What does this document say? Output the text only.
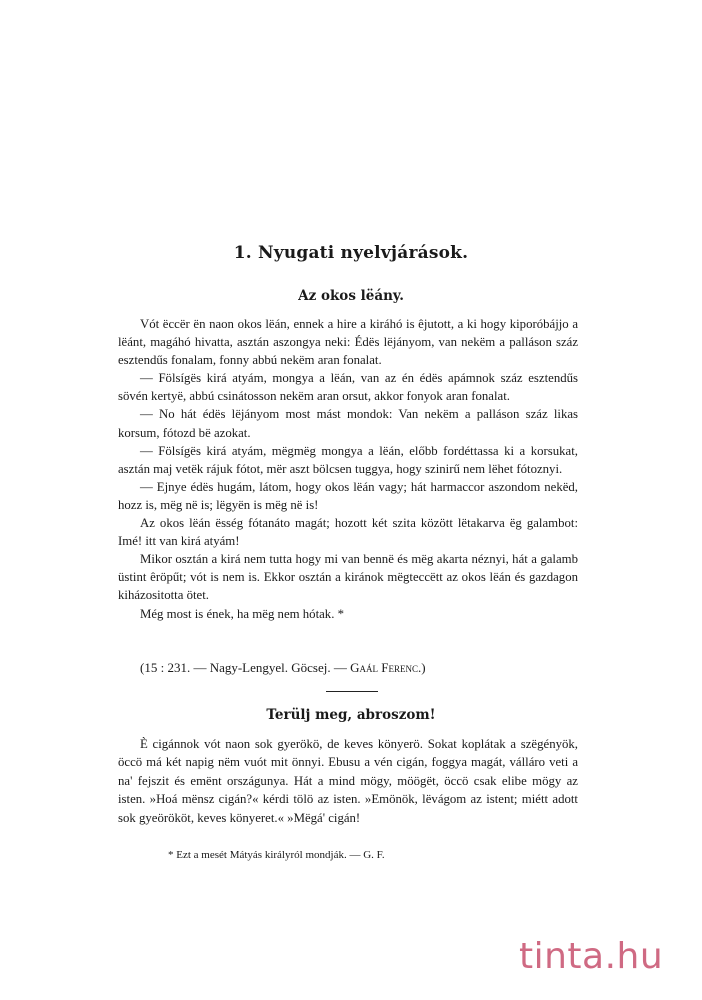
1. Nyugati nyelvjárások.
Az okos lëány.

Vót ëccër ën naon okos lëán, ennek a hire a kiráhó is êjutott, a ki hogy kiporóbájjo a lëánt, magáhó hivatta, asztán aszongya neki: Édës lëjányom, van nekëm a palláson száz esztendűs fonalam, fonny abbú nekëm aran fonalat.

— Fölsígës kirá atyám, mongya a lëán, van az én édës apámnok száz esztendűs sövén kertyë, abbú csinátosson nekëm aran orsut, akkor fonyok aran fonalat.

— No hát édës lëjányom most mást mondok: Van nekëm a palláson száz likas korsum, fótozd bë azokat.

— Fölsígës kirá atyám, mëgmëg mongya a lëán, előbb fordéttassa ki a korsukat, asztán maj vetëk rájuk fótot, mër aszt bölcsen tuggya, hogy szinirű nem lëhet fótoznyi.

— Ejnye édës hugám, látom, hogy okos lëán vagy; hát harmaccor aszondom nekëd, hozz is, mëg në is; lëgyën is mëg në is!

Az okos lëán ësség fótanáto magát; hozott két szita között lëtakarva ëg galambot: Imé! itt van kirá atyám!

Mikor osztán a kirá nem tutta hogy mi van bennë és mëg akarta néznyi, hát a galamb üstint êröpűt; vót is nem is. Ekkor osztán a kiránok mëgteccëtt az okos lëán és gazdagon kiházositotta ötet.

Még most is ének, ha mëg nem hótak. *

(15 : 231. — Nagy-Lengyel. Göcsej. — Gaál Ferenc.)
Terülj meg, abroszom!

È cigánnok vót naon sok gyerökö, de keves könyerö. Sokat koplátak a szëgényök, öccö má két napig nëm vuót mit önnyi. Ebusu a vén cigán, foggya magát, válláro veti a na' fejszit és emënt országunya. Hát a mind mögy, möögët, öccö csak elibe mögy az isten. »Hoá mënsz cigán?« kérdi tölö az isten. »Emönök, lëvágom az istent; miétt adott sok gyeörököt, keves könyeret.« »Mëgá' cigán!

* Ezt a mesét Mátyás királyról mondják. — G. F.
tinta.hu
